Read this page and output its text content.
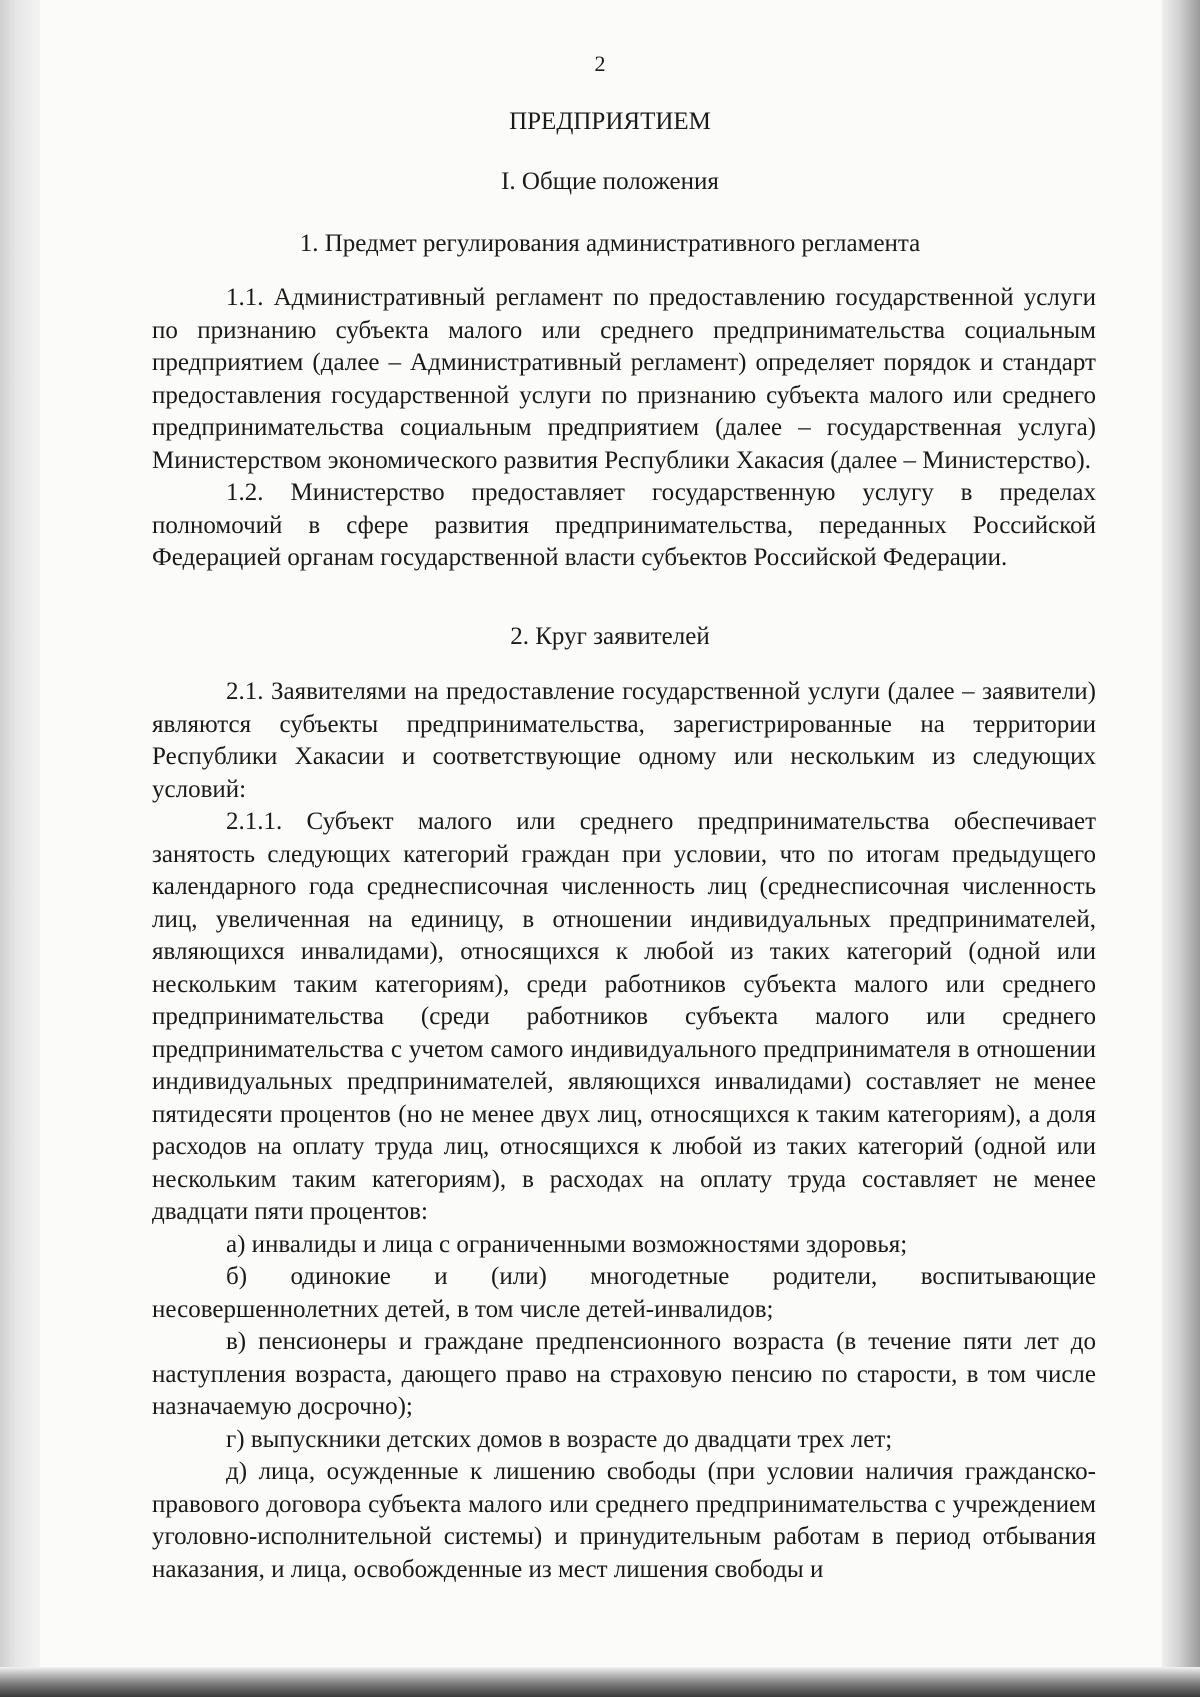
2
ПРЕДПРИЯТИЕМ
I. Общие положения
1. Предмет регулирования административного регламента

1.1. Административный регламент по предоставлению государственной услуги по признанию субъекта малого или среднего предпринимательства социальным предприятием (далее – Административный регламент) определяет порядок и стандарт предоставления государственной услуги по признанию субъекта малого или среднего предпринимательства социальным предприятием (далее – государственная услуга) Министерством экономического развития Республики Хакасия (далее – Министерство).

1.2. Министерство предоставляет государственную услугу в пределах полномочий в сфере развития предпринимательства, переданных Российской Федерацией органам государственной власти субъектов Российской Федерации.

2. Круг заявителей

2.1. Заявителями на предоставление государственной услуги (далее – заявители) являются субъекты предпринимательства, зарегистрированные на территории Республики Хакасии и соответствующие одному или нескольким из следующих условий:

2.1.1. Субъект малого или среднего предпринимательства обеспечивает занятость следующих категорий граждан при условии, что по итогам предыдущего календарного года среднесписочная численность лиц (среднесписочная численность лиц, увеличенная на единицу, в отношении индивидуальных предпринимателей, являющихся инвалидами), относящихся к любой из таких категорий (одной или нескольким таким категориям), среди работников субъекта малого или среднего предпринимательства (среди работников субъекта малого или среднего предпринимательства с учетом самого индивидуального предпринимателя в отношении индивидуальных предпринимателей, являющихся инвалидами) составляет не менее пятидесяти процентов (но не менее двух лиц, относящихся к таким категориям), а доля расходов на оплату труда лиц, относящихся к любой из таких категорий (одной или нескольким таким категориям), в расходах на оплату труда составляет не менее двадцати пяти процентов:

а) инвалиды и лица с ограниченными возможностями здоровья;

б) одинокие и (или) многодетные родители, воспитывающие несовершеннолетних детей, в том числе детей-инвалидов;

в) пенсионеры и граждане предпенсионного возраста (в течение пяти лет до наступления возраста, дающего право на страховую пенсию по старости, в том числе назначаемую досрочно);

г) выпускники детских домов в возрасте до двадцати трех лет;

д) лица, осужденные к лишению свободы (при условии наличия гражданско-правового договора субъекта малого или среднего предпринимательства с учреждением уголовно-исполнительной системы) и принудительным работам в период отбывания наказания, и лица, освобожденные из мест лишения свободы и
